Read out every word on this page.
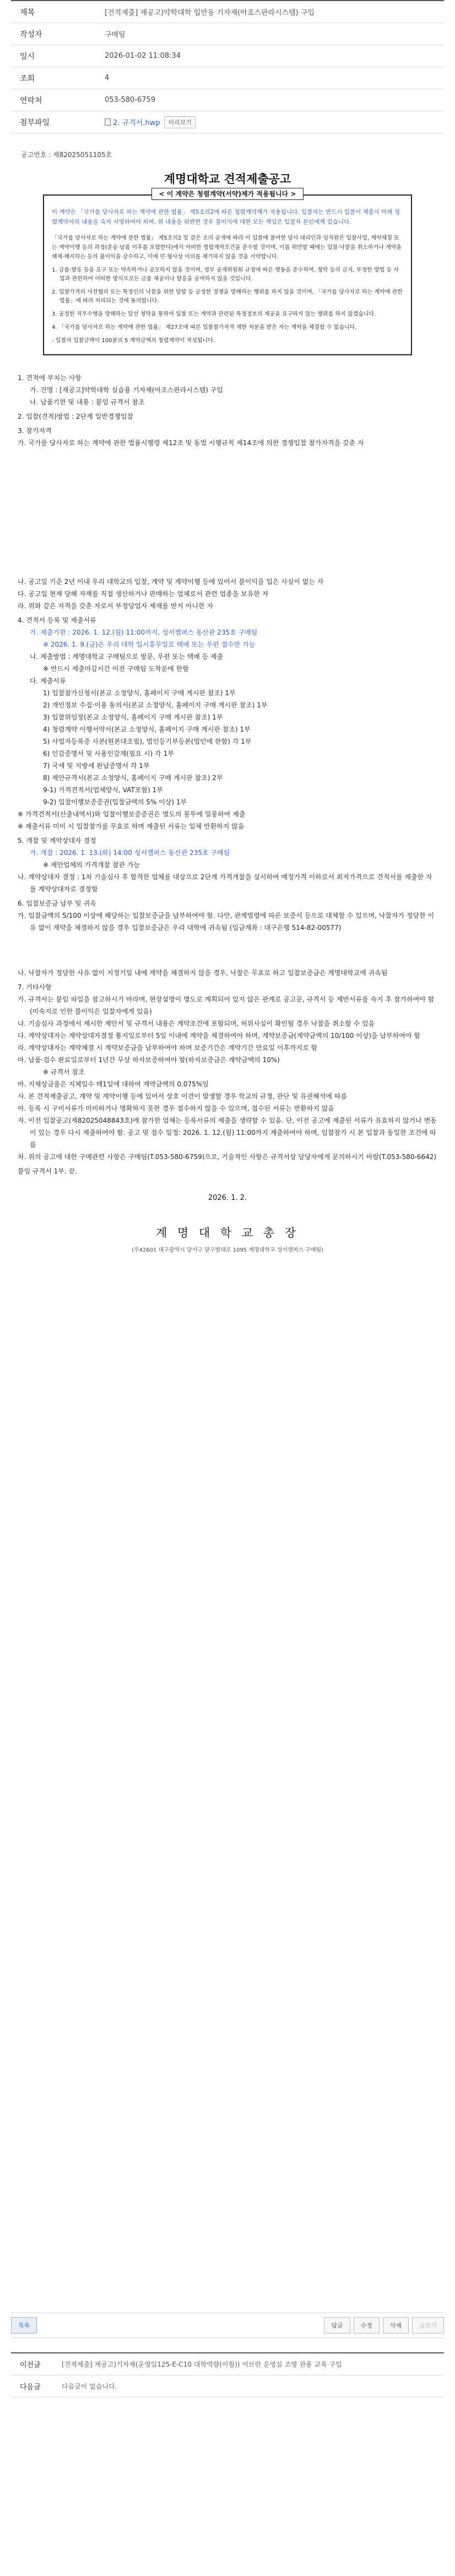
제목	[건적제출] 재공고)약학대학 입반동 기자재(아조스판라시스템) 구입
작성자	구매팀
일시	2026-01-02 11:08:34
조회	4
연락처	053-580-6759
첨부파일	2. 규격서.hwp	미리보기
공고번호 : 제82025051105호
계명대학교 견적제출공고
< 이 계약은 청렴계약(서약)제가 적용됩니다 >
이 계약은 「국가를 당사자로 하는 계약에 관한 법률」 제5조의2에 따른 청렴계약제가 적용됩니다. 입찰자는 반드시 입찰서 제출시 아래 청렴계약서의 내용을 숙지 서명하여야 하며, 위 내용을 위반한 경우 불이익에 대한 모든 책임은 입찰자 본인에게 있습니다.
「국가를 당사자로 하는 계약에 관한 법률」 제5조의2 및 같은 조의 공개에 따라 이 입찰에 참여한 당사 대리인과 임직원은 입찰사업, 계약체결 또는 계약이행 등의 과정(준공·납품 이후를 포함한다)에서 어떠한 청렴계약조건을 준수할 것이며, 이를 위반할 때에는 입찰·낙찰을 취소하거나 계약을 해제·해지하는 등의 불이익을 감수하고, 이에 민·형사상 이의를 제기하지 않을 것을 서약합니다.
1. 금품·향응 등을 요구 또는 약속하거나 공모하지 않을 것이며, 정부 공개위원회 규정에 따른 행동을 준수하며, 청탁 등의 금지, 부정한 방법 등 사업과 관련하여 어떠한 방식으로든 금품 제공이나 향응을 공여하지 않을 것입니다.
2. 입찰가격의 사전협의 또는 특정인의 낙찰을 위한 담합 등 공정한 경쟁을 방해하는 행위를 하지 않을 것이며, 「국가를 당사자로 하는 계약에 관한 법률」에 따라 처리되는 것에 동의합니다.
3. 공정한 직무수행을 방해하는 알선 청탁을 통하여 입찰 또는 계약과 관련된 특정정보의 제공을 요구하지 않는 행위를 하지 않겠습니다.
4. 「국가를 당사자로 하는 계약에 관한 법률」 제27조에 따른 입찰참가자격 제한 처분을 받은 자는 계약을 체결할 수 없습니다.
- 입찰자 입찰금액이 100분의 5 계약금액의 청렴계약이 작성됩니다.
1. 견적에 부치는 사항
가. 건명 : [재공고]약학대학 실습용 기자재(아조스판라시스템) 구입
나. 납품기한 및 내용 : 붙임 규격서 참조
2. 입찰(견적)방법 : 2단계 일반경쟁입찰
3. 참가자격
가. 국가를 당사자로 하는 계약에 관한 법률시행령 제12조 및 동법 시행규칙 제14조에 의한 경쟁입찰 참가자격을 갖춘 자
나. 공고일 기준 2년 이내 우리 대학교의 입찰, 계약 및 계약이행 등에 있어서 불이익을 입은 사실이 없는 자
다. 공고일 현재 당해 자재를 직접 생산하거나 판매하는 업체로서 관련 업종을 보유한 자
라. 위와 같은 자격을 갖춘 자로서 부정당업자 제재를 받지 아니한 자
4. 견적서 등록 및 제출서류
가. 제출기한 : 2026. 1. 12.(월) 11:00까지, 성서캠퍼스 동산관 235호 구매팀
※ 2026. 1. 9.(금)은 우리 대학 입시휴무일로 택배 또는 우편 접수만 가능
나. 제출방법 : 계명대학교 구매팀으로 방문, 우편 또는 택배 등 제출
※ 반드시 제출마감시간 이전 구매팀 도착분에 한함
다. 제출서류
1) 입찰참가신청서(본교 소정양식, 홈페이지 구매 게시판 참조) 1부
2) 개인정보 수집·이용 동의서(본교 소정양식, 홈페이지 구매 게시판 참조) 1부
3) 입찰위임장(본교 소정양식, 홈페이지 구매 게시판 참조) 1부
4) 청렴계약 이행서약서(본교 소정양식, 홈페이지 구매 게시판 참조) 1부
5) 사업자등록증 사본(원본대조필), 법인등기부등본(법인에 한함) 각 1부
6) 인감증명서 및 사용인감계(필요 시) 각 1부
7) 국세 및 지방세 완납증명서 각 1부
8) 제안규격서(본교 소정양식, 홈페이지 구매 게시판 참조) 2부
9-1) 가격견적서(업체양식, VAT포함) 1부
9-2) 입찰이행보증증권(입찰금액의 5% 이상) 1부
※ 가격견적서(산출내역서)와 입찰이행보증증권은 별도의 봉투에 밀봉하여 제출
※ 제출서류 미비 시 입찰참가를 무효로 하며 제출된 서류는 일체 반환하지 않음
5. 개찰 및 계약상대자 결정
가. 개찰 : 2026. 1. 13.(화) 14:00 성서캠퍼스 동산관 235호 구매팀
※ 제안업체의 가격개찰 참관 가능
나. 계약상대자 결정 : 1차 기술심사 후 합격한 업체를 대상으로 2단계 가격개찰을 실시하여 예정가격 이하로서 최저가격으로 견적서를 제출한 자를 계약상대자로 결정함
6. 입찰보증금 납부 및 귀속
가. 입찰금액의 5/100 이상에 해당하는 입찰보증금을 납부하여야 함. 다만, 관계법령에 따른 보증서 등으로 대체할 수 있으며, 낙찰자가 정당한 이유 없이 계약을 체결하지 않을 경우 입찰보증금은 우리 대학에 귀속됨 (입금계좌 : 대구은행 514-82-00577)
나. 낙찰자가 정당한 사유 없이 지정기일 내에 계약을 체결하지 않을 경우, 낙찰은 무효로 하고 입찰보증금은 계명대학교에 귀속됨
7. 기타사항
가. 규격서는 붙임 파일을 참고하시기 바라며, 현장설명이 별도로 계획되어 있지 않은 관계로 공고문, 규격서 등 제반서류를 숙지 후 참가하여야 함(미숙지로 인한 불이익은 입찰자에게 있음)
나. 기술심사 과정에서 제시한 제안서 및 규격서 내용은 계약조건에 포함되며, 허위사실이 확인될 경우 낙찰을 취소할 수 있음
다. 계약상대자는 계약상대자결정 통지일로부터 5일 이내에 계약을 체결하여야 하며, 계약보증금(계약금액의 10/100 이상)을 납부하여야 함
라. 계약상대자는 계약체결 시 계약보증금을 납부하여야 하며 보증기간은 계약기간 만료일 이후까지로 함
마. 납품·검수 완료일로부터 1년간 무상 하자보증하여야 함(하자보증금은 계약금액의 10%)
※ 규격서 참조
바. 지체상금율은 지체일수 매1일에 대하여 계약금액의 0.075%임
사. 본 견적제출공고, 계약 및 계약이행 등에 있어서 상호 이견이 발생할 경우 학교의 규정, 판단 및 유권해석에 따름
아. 등록 시 구비서류가 미비하거나 명확하지 못한 경우 접수하지 않을 수 있으며, 접수된 서류는 반환하지 않음
자. 이전 입찰공고(제82025048843호)에 참가한 업체는 등록서류의 제출을 생략할 수 있음. 단, 이전 공고에 제출된 서류가 유효하지 않거나 변동이 있는 경우 다시 제출하여야 함. 공고 및 접수 일정: 2026. 1. 12.(월) 11:00까지 제출하여야 하며, 입찰참가 시 본 입찰과 동일한 조건에 따름
차. 위의 공고에 대한 구매관련 사항은 구매팀(T.053-580-6759)으로, 기술적인 사항은 규격서상 담당자에게 문의하시기 바람(T.053-580-6642)
붙임 규격서 1부. 끝.
2026. 1. 2.
계 명 대 학 교 총 장
(우42601 대구광역시 달서구 달구벌대로 1095 계명대학교 성서캠퍼스 구매팀)
목록	답글	수정	삭제	글쓰기
이전글	[견적제출] 재공고)기자재(운영일125-E-C10 대학역량(이월)) 이브란 운영실 조명 관용 교육 구입
다음글	다음글이 없습니다.
